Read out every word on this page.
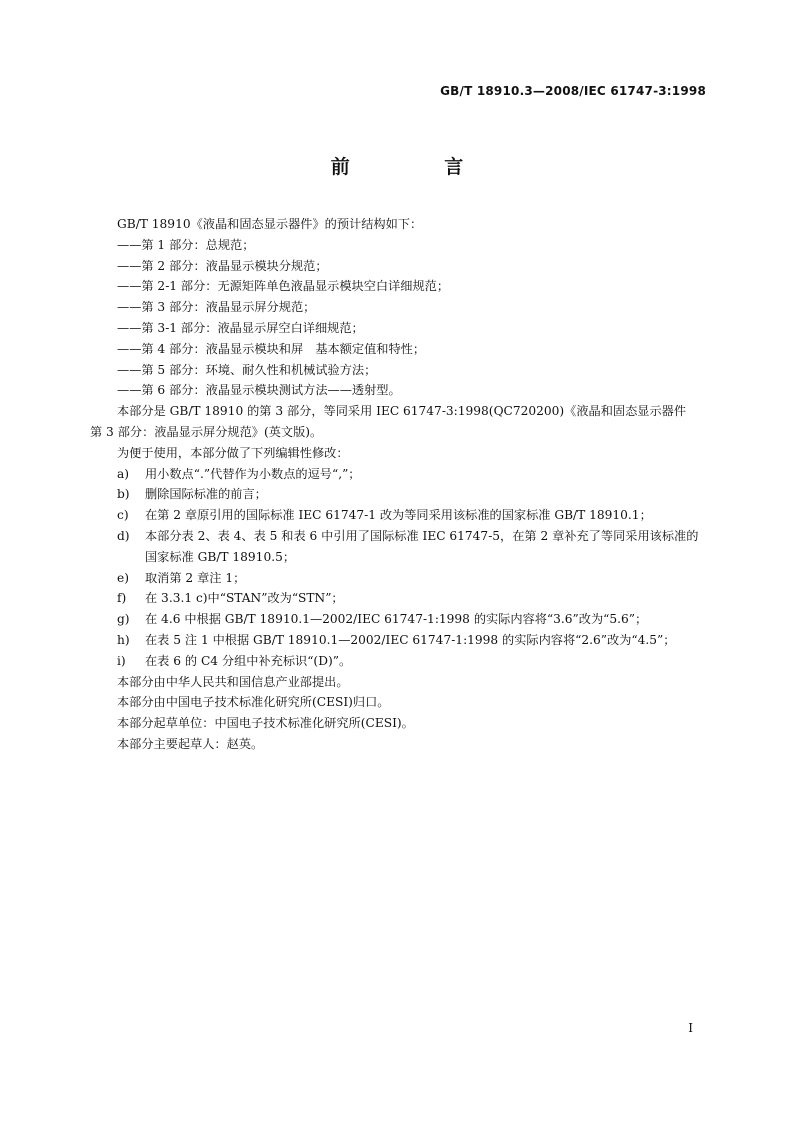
GB/T 18910.3—2008/IEC 61747-3:1998
前 言

GB/T 18910《液晶和固态显示器件》的预计结构如下：

——第 1 部分：总规范；

——第 2 部分：液晶显示模块分规范；

——第 2-1 部分：无源矩阵单色液晶显示模块空白详细规范；

——第 3 部分：液晶显示屏分规范；

——第 3-1 部分：液晶显示屏空白详细规范；

——第 4 部分：液晶显示模块和屏　基本额定值和特性；

——第 5 部分：环境、耐久性和机械试验方法；

——第 6 部分：液晶显示模块测试方法——透射型。

本部分是 GB/T 18910 的第 3 部分，等同采用 IEC 61747-3:1998(QC720200)《液晶和固态显示器件　第 3 部分：液晶显示屏分规范》(英文版)。

为便于使用，本部分做了下列编辑性修改：

a)	用小数点“.”代替作为小数点的逗号“,”；
b)	删除国际标准的前言；
c)	在第 2 章原引用的国际标准 IEC 61747-1 改为等同采用该标准的国家标准 GB/T 18910.1；
d)	本部分表 2、表 4、表 5 和表 6 中引用了国际标准 IEC 61747-5，在第 2 章补充了等同采用该标准的国家标准 GB/T 18910.5；
e)	取消第 2 章注 1；
f)	在 3.3.1 c)中“STAN”改为“STN”；
g)	在 4.6 中根据 GB/T 18910.1—2002/IEC 61747-1:1998 的实际内容将“3.6”改为“5.6”；
h)	在表 5 注 1 中根据 GB/T 18910.1—2002/IEC 61747-1:1998 的实际内容将“2.6”改为“4.5”；
i)	在表 6 的 C4 分组中补充标识“(D)”。

本部分由中华人民共和国信息产业部提出。

本部分由中国电子技术标准化研究所(CESI)归口。

本部分起草单位：中国电子技术标准化研究所(CESI)。

本部分主要起草人：赵英。

I
